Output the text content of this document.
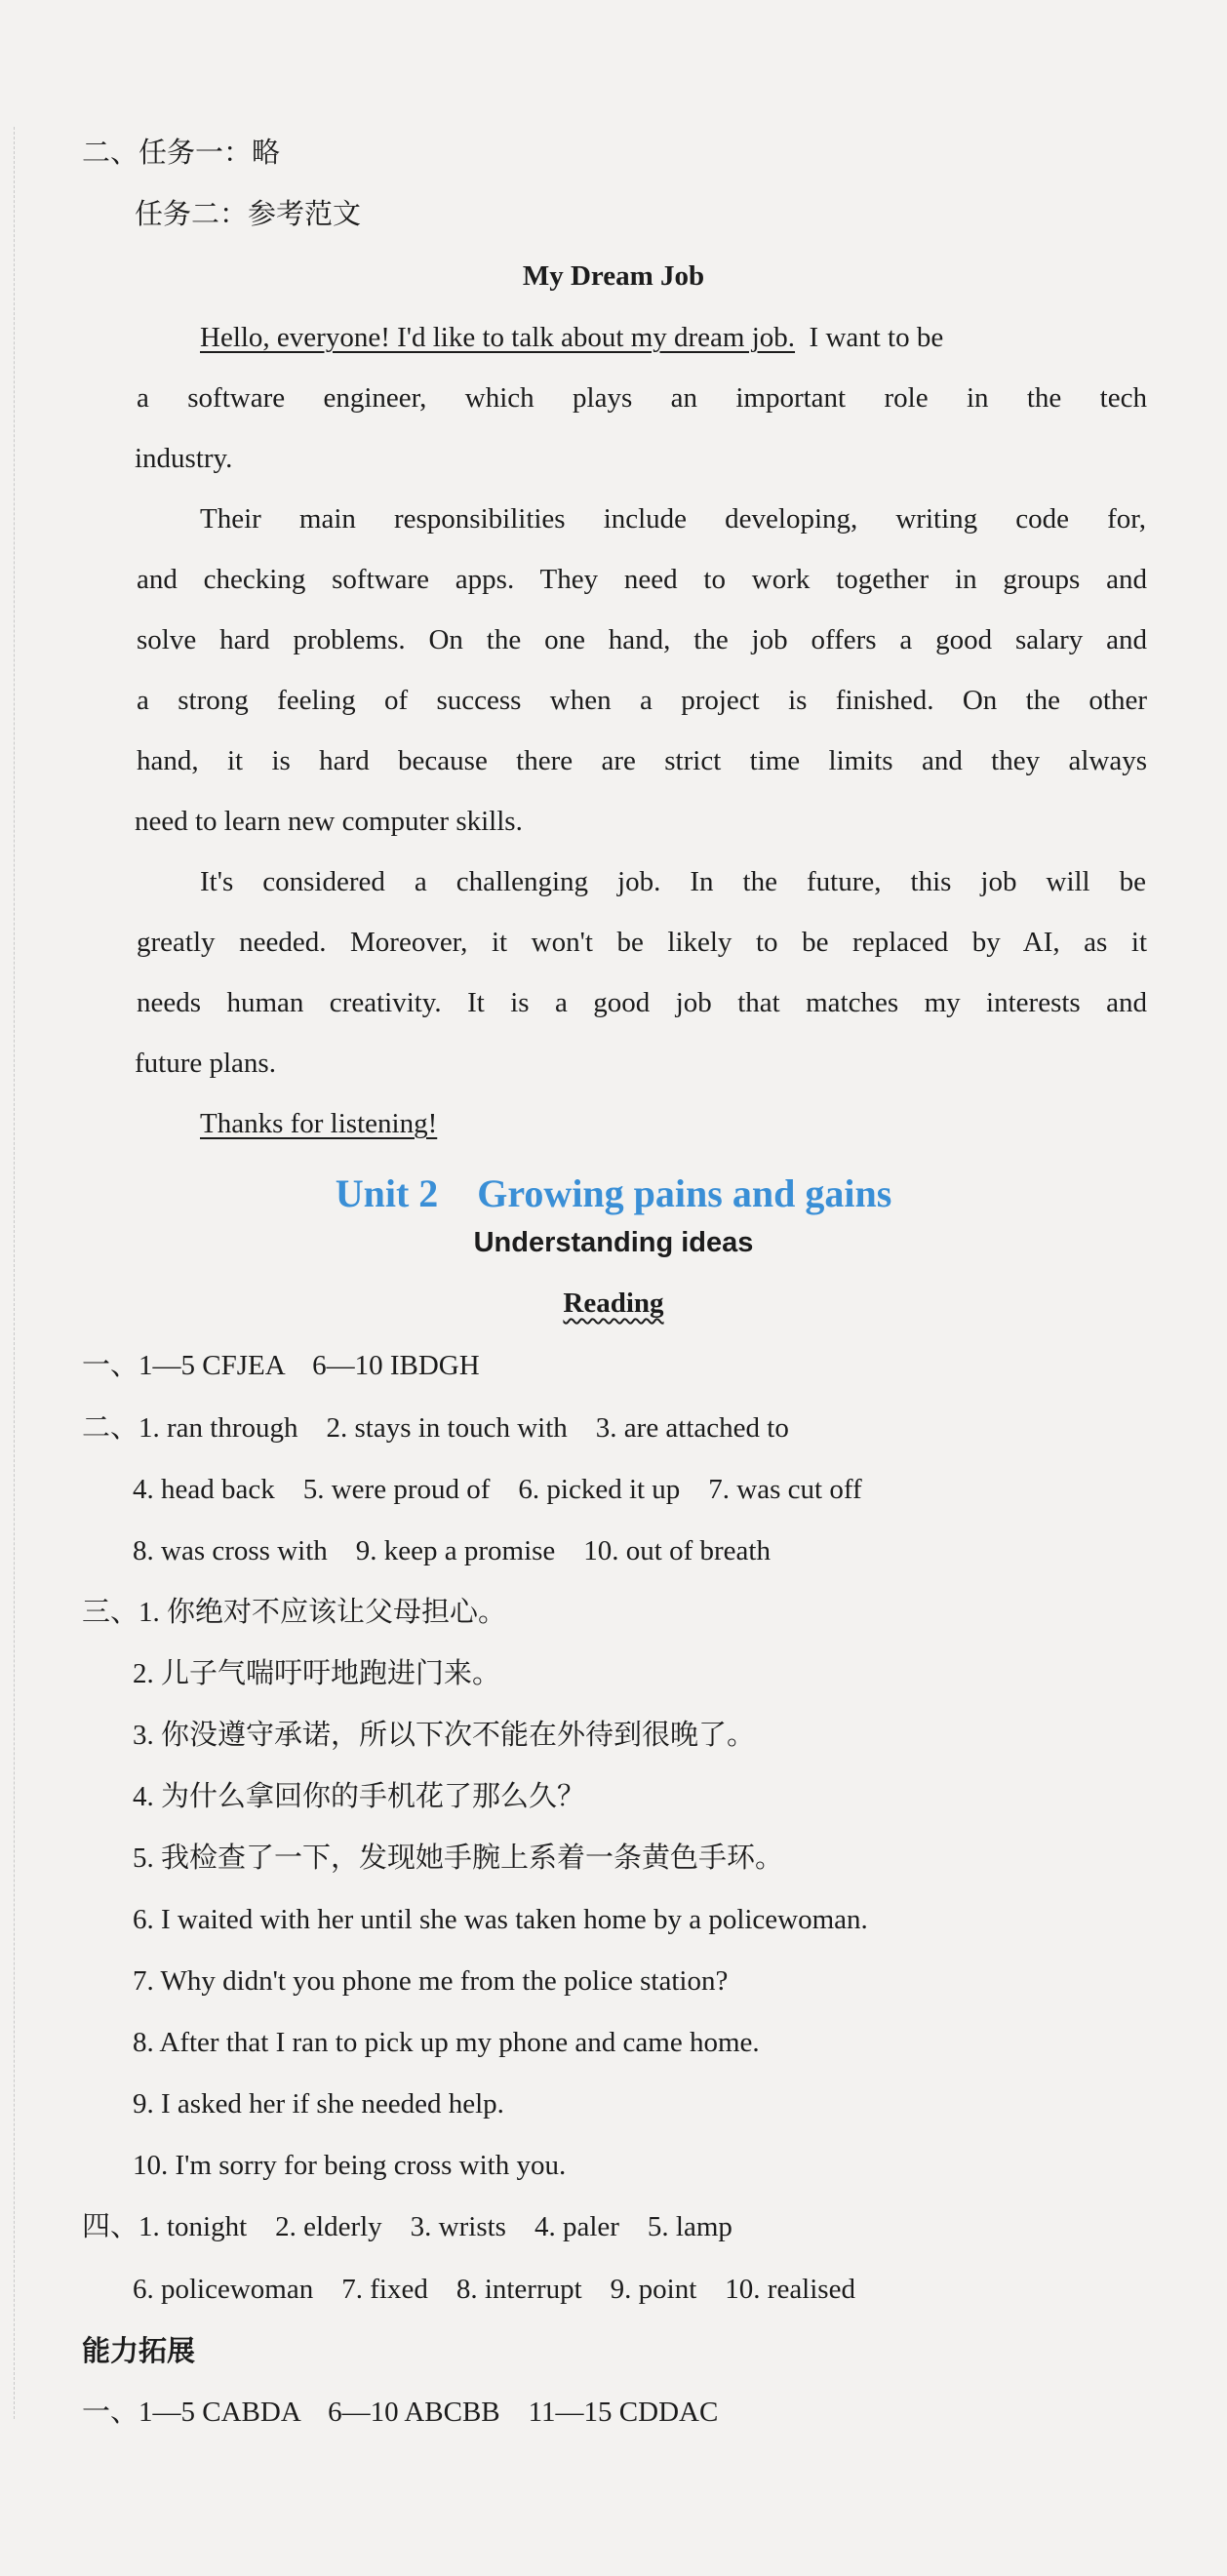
二、任务一：略
任务二：参考范文
My Dream Job
Hello, everyone! I'd like to talk about my dream job. I want to be
a software engineer, which plays an important role in the tech
industry.
Their main responsibilities include developing, writing code for,
and checking software apps. They need to work together in groups and
solve hard problems. On the one hand, the job offers a good salary and
a strong feeling of success when a project is finished. On the other
hand, it is hard because there are strict time limits and they always
need to learn new computer skills.
It's considered a challenging job. In the future, this job will be
greatly needed. Moreover, it won't be likely to be replaced by AI, as it
needs human creativity. It is a good job that matches my interests and
future plans.
Thanks for listening!
Unit 2　Growing pains and gains
Understanding ideas
Reading
一、1—5 CFJEA　6—10 IBDGH
二、1. ran through　2. stays in touch with　3. are attached to
4. head back　5. were proud of　6. picked it up　7. was cut off
8. was cross with　9. keep a promise　10. out of breath
三、1. 你绝对不应该让父母担心。
2. 儿子气喘吁吁地跑进门来。
3. 你没遵守承诺，所以下次不能在外待到很晚了。
4. 为什么拿回你的手机花了那么久？
5. 我检查了一下，发现她手腕上系着一条黄色手环。
6. I waited with her until she was taken home by a policewoman.
7. Why didn't you phone me from the police station?
8. After that I ran to pick up my phone and came home.
9. I asked her if she needed help.
10. I'm sorry for being cross with you.
四、1. tonight　2. elderly　3. wrists　4. paler　5. lamp
6. policewoman　7. fixed　8. interrupt　9. point　10. realised
能力拓展
一、1—5 CABDA　6—10 ABCBB　11—15 CDDAC
